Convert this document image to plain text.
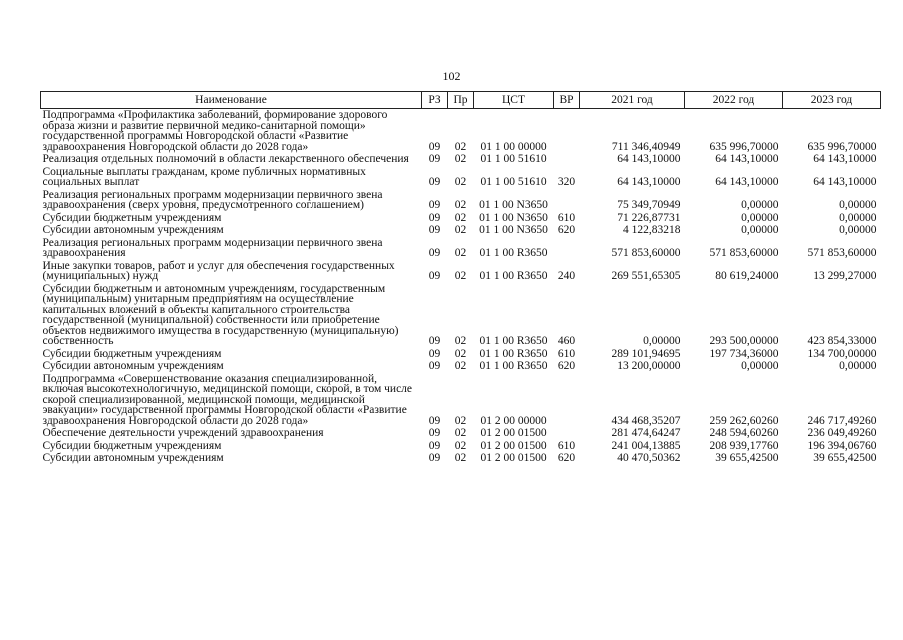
102
Наименование	РЗ	Пр	ЦСТ	ВР	2021 год	2022 год	2023 год
Подпрограмма «Профилактика заболеваний, формирование здорового образа жизни и развитие первичной медико-санитарной помощи» государственной программы Новгородской области «Развитие здравоохранения Новгородской области до 2028 года»	09	02	01 1 00 00000		711 346,40949	635 996,70000	635 996,70000
Реализация отдельных полномочий в области лекарственного обеспечения	09	02	01 1 00 51610		64 143,10000	64 143,10000	64 143,10000
Социальные выплаты гражданам, кроме публичных нормативных социальных выплат	09	02	01 1 00 51610	320	64 143,10000	64 143,10000	64 143,10000
Реализация региональных программ модернизации первичного звена здравоохранения (сверх уровня, предусмотренного соглашением)	09	02	01 1 00 N3650		75 349,70949	0,00000	0,00000
Субсидии бюджетным учреждениям	09	02	01 1 00 N3650	610	71 226,87731	0,00000	0,00000
Субсидии автономным учреждениям	09	02	01 1 00 N3650	620	4 122,83218	0,00000	0,00000
Реализация региональных программ модернизации первичного звена здравоохранения	09	02	01 1 00 R3650		571 853,60000	571 853,60000	571 853,60000
Иные закупки товаров, работ и услуг для обеспечения государственных (муниципальных) нужд	09	02	01 1 00 R3650	240	269 551,65305	80 619,24000	13 299,27000
Субсидии бюджетным и автономным учреждениям, государственным (муниципальным) унитарным предприятиям на осуществление капитальных вложений в объекты капитального строительства государственной (муниципальной) собственности или приобретение объектов недвижимого имущества в государственную (муниципальную) собственность	09	02	01 1 00 R3650	460	0,00000	293 500,00000	423 854,33000
Субсидии бюджетным учреждениям	09	02	01 1 00 R3650	610	289 101,94695	197 734,36000	134 700,00000
Субсидии автономным учреждениям	09	02	01 1 00 R3650	620	13 200,00000	0,00000	0,00000
Подпрограмма «Совершенствование оказания специализированной, включая высокотехнологичную, медицинской помощи, скорой, в том числе скорой специализированной, медицинской помощи, медицинской эвакуации» государственной программы Новгородской области «Развитие здравоохранения Новгородской области до 2028 года»	09	02	01 2 00 00000		434 468,35207	259 262,60260	246 717,49260
Обеспечение деятельности учреждений здравоохранения	09	02	01 2 00 01500		281 474,64247	248 594,60260	236 049,49260
Субсидии бюджетным учреждениям	09	02	01 2 00 01500	610	241 004,13885	208 939,17760	196 394,06760
Субсидии автономным учреждениям	09	02	01 2 00 01500	620	40 470,50362	39 655,42500	39 655,42500
